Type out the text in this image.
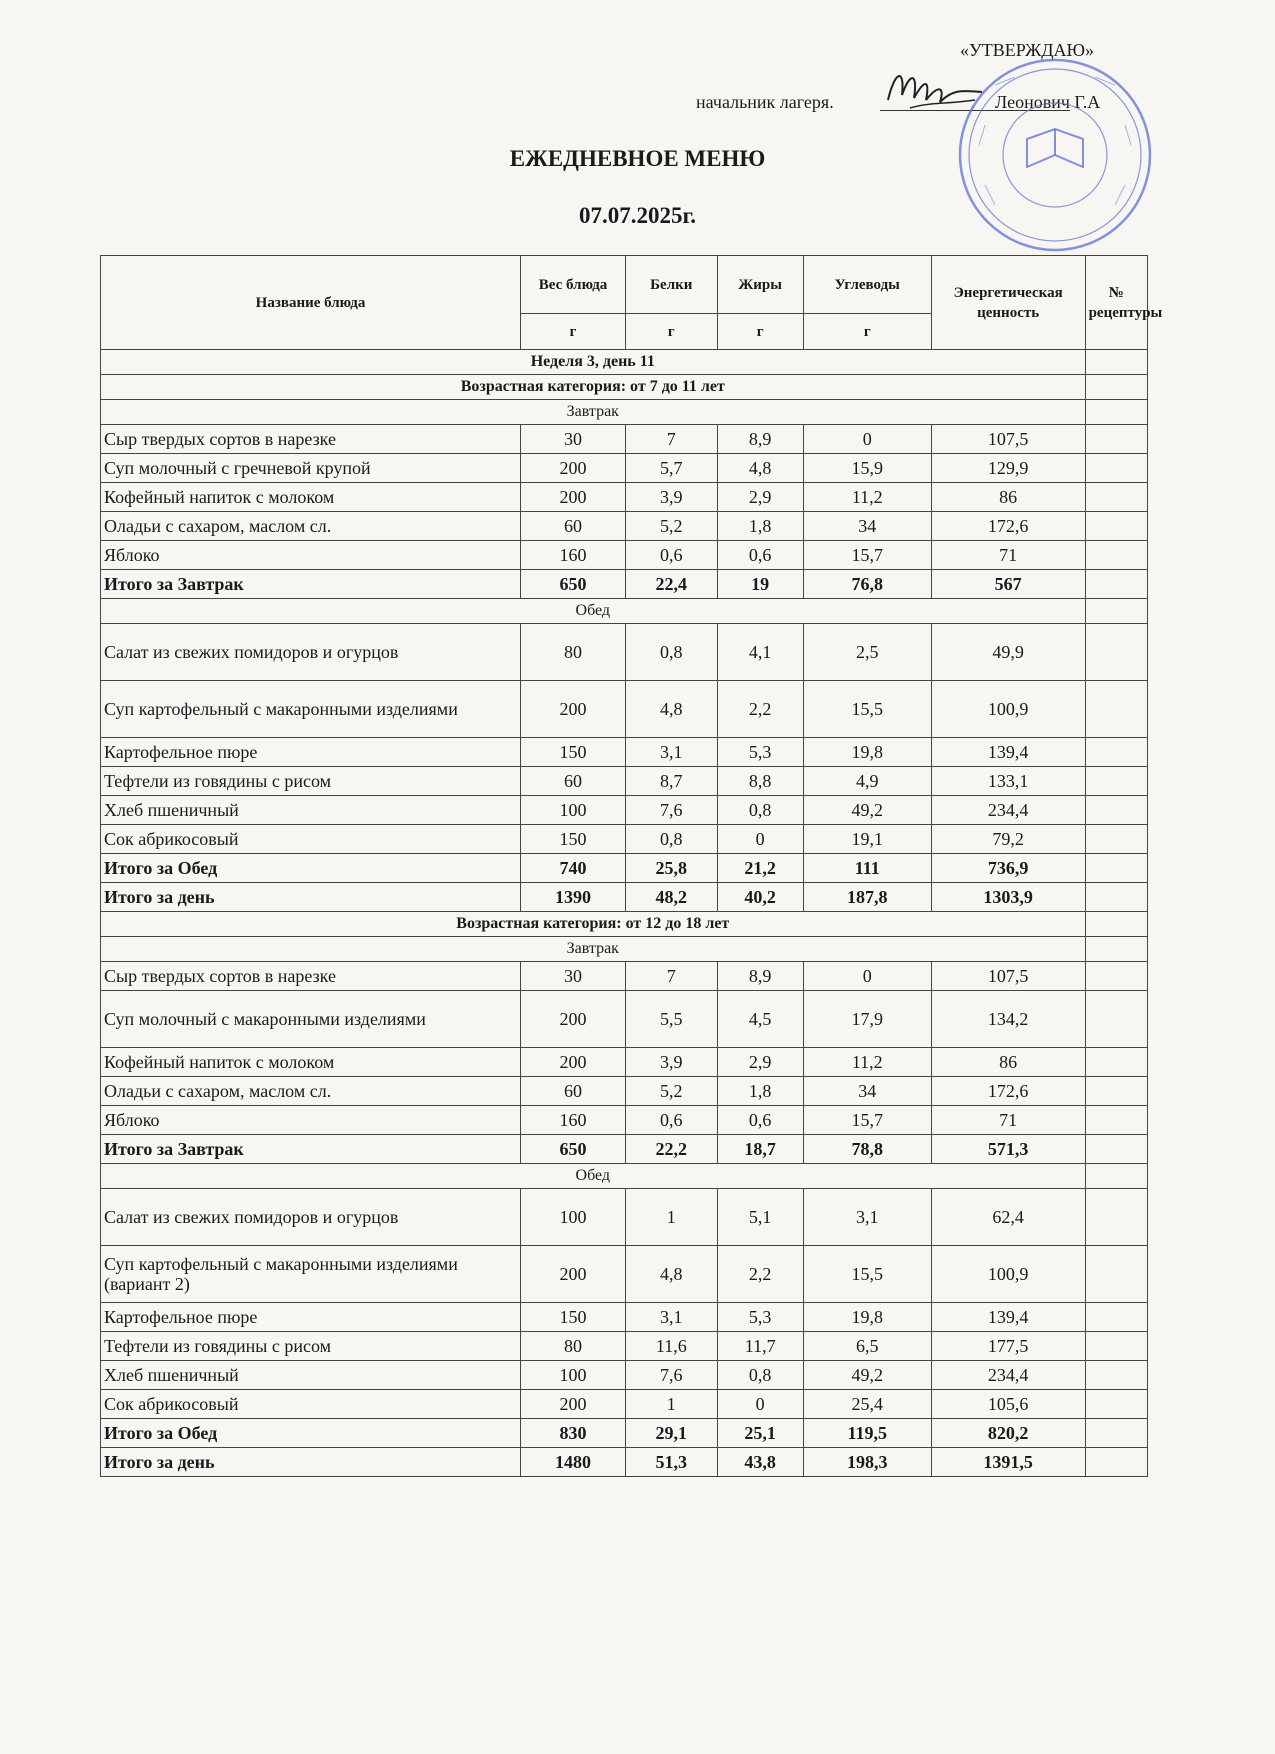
«УТВЕРЖДАЮ»
начальник лагеря.	Леонович Г.А
ЕЖЕДНЕВНОЕ МЕНЮ
07.07.2025г.
Название блюда	Вес блюда	Белки	Жиры	Углеводы	Энергетическая ценность	№ рецептуры
	г	г	г	г		
Неделя 3, день 11						
Возрастная категория: от 7 до 11 лет						
Завтрак						
Сыр твердых сортов в нарезке	30	7	8,9	0	107,5	
Суп молочный с гречневой крупой	200	5,7	4,8	15,9	129,9	
Кофейный напиток с молоком	200	3,9	2,9	11,2	86	
Оладьи с сахаром, маслом сл.	60	5,2	1,8	34	172,6	
Яблоко	160	0,6	0,6	15,7	71	
Итого за Завтрак	650	22,4	19	76,8	567	
Обед						
Салат из свежих помидоров и огурцов	80	0,8	4,1	2,5	49,9	
Суп картофельный с макаронными изделиями	200	4,8	2,2	15,5	100,9	
Картофельное пюре	150	3,1	5,3	19,8	139,4	
Тефтели из говядины с рисом	60	8,7	8,8	4,9	133,1	
Хлеб пшеничный	100	7,6	0,8	49,2	234,4	
Сок абрикосовый	150	0,8	0	19,1	79,2	
Итого за Обед	740	25,8	21,2	111	736,9	
Итого за день	1390	48,2	40,2	187,8	1303,9	
Возрастная категория: от 12 до 18 лет						
Завтрак						
Сыр твердых сортов в нарезке	30	7	8,9	0	107,5	
Суп молочный с макаронными изделиями	200	5,5	4,5	17,9	134,2	
Кофейный напиток с молоком	200	3,9	2,9	11,2	86	
Оладьи с сахаром, маслом сл.	60	5,2	1,8	34	172,6	
Яблоко	160	0,6	0,6	15,7	71	
Итого за Завтрак	650	22,2	18,7	78,8	571,3	
Обед						
Салат из свежих помидоров и огурцов	100	1	5,1	3,1	62,4	
Суп картофельный с макаронными изделиями (вариант 2)	200	4,8	2,2	15,5	100,9	
Картофельное пюре	150	3,1	5,3	19,8	139,4	
Тефтели из говядины с рисом	80	11,6	11,7	6,5	177,5	
Хлеб пшеничный	100	7,6	0,8	49,2	234,4	
Сок абрикосовый	200	1	0	25,4	105,6	
Итого за Обед	830	29,1	25,1	119,5	820,2	
Итого за день	1480	51,3	43,8	198,3	1391,5	
